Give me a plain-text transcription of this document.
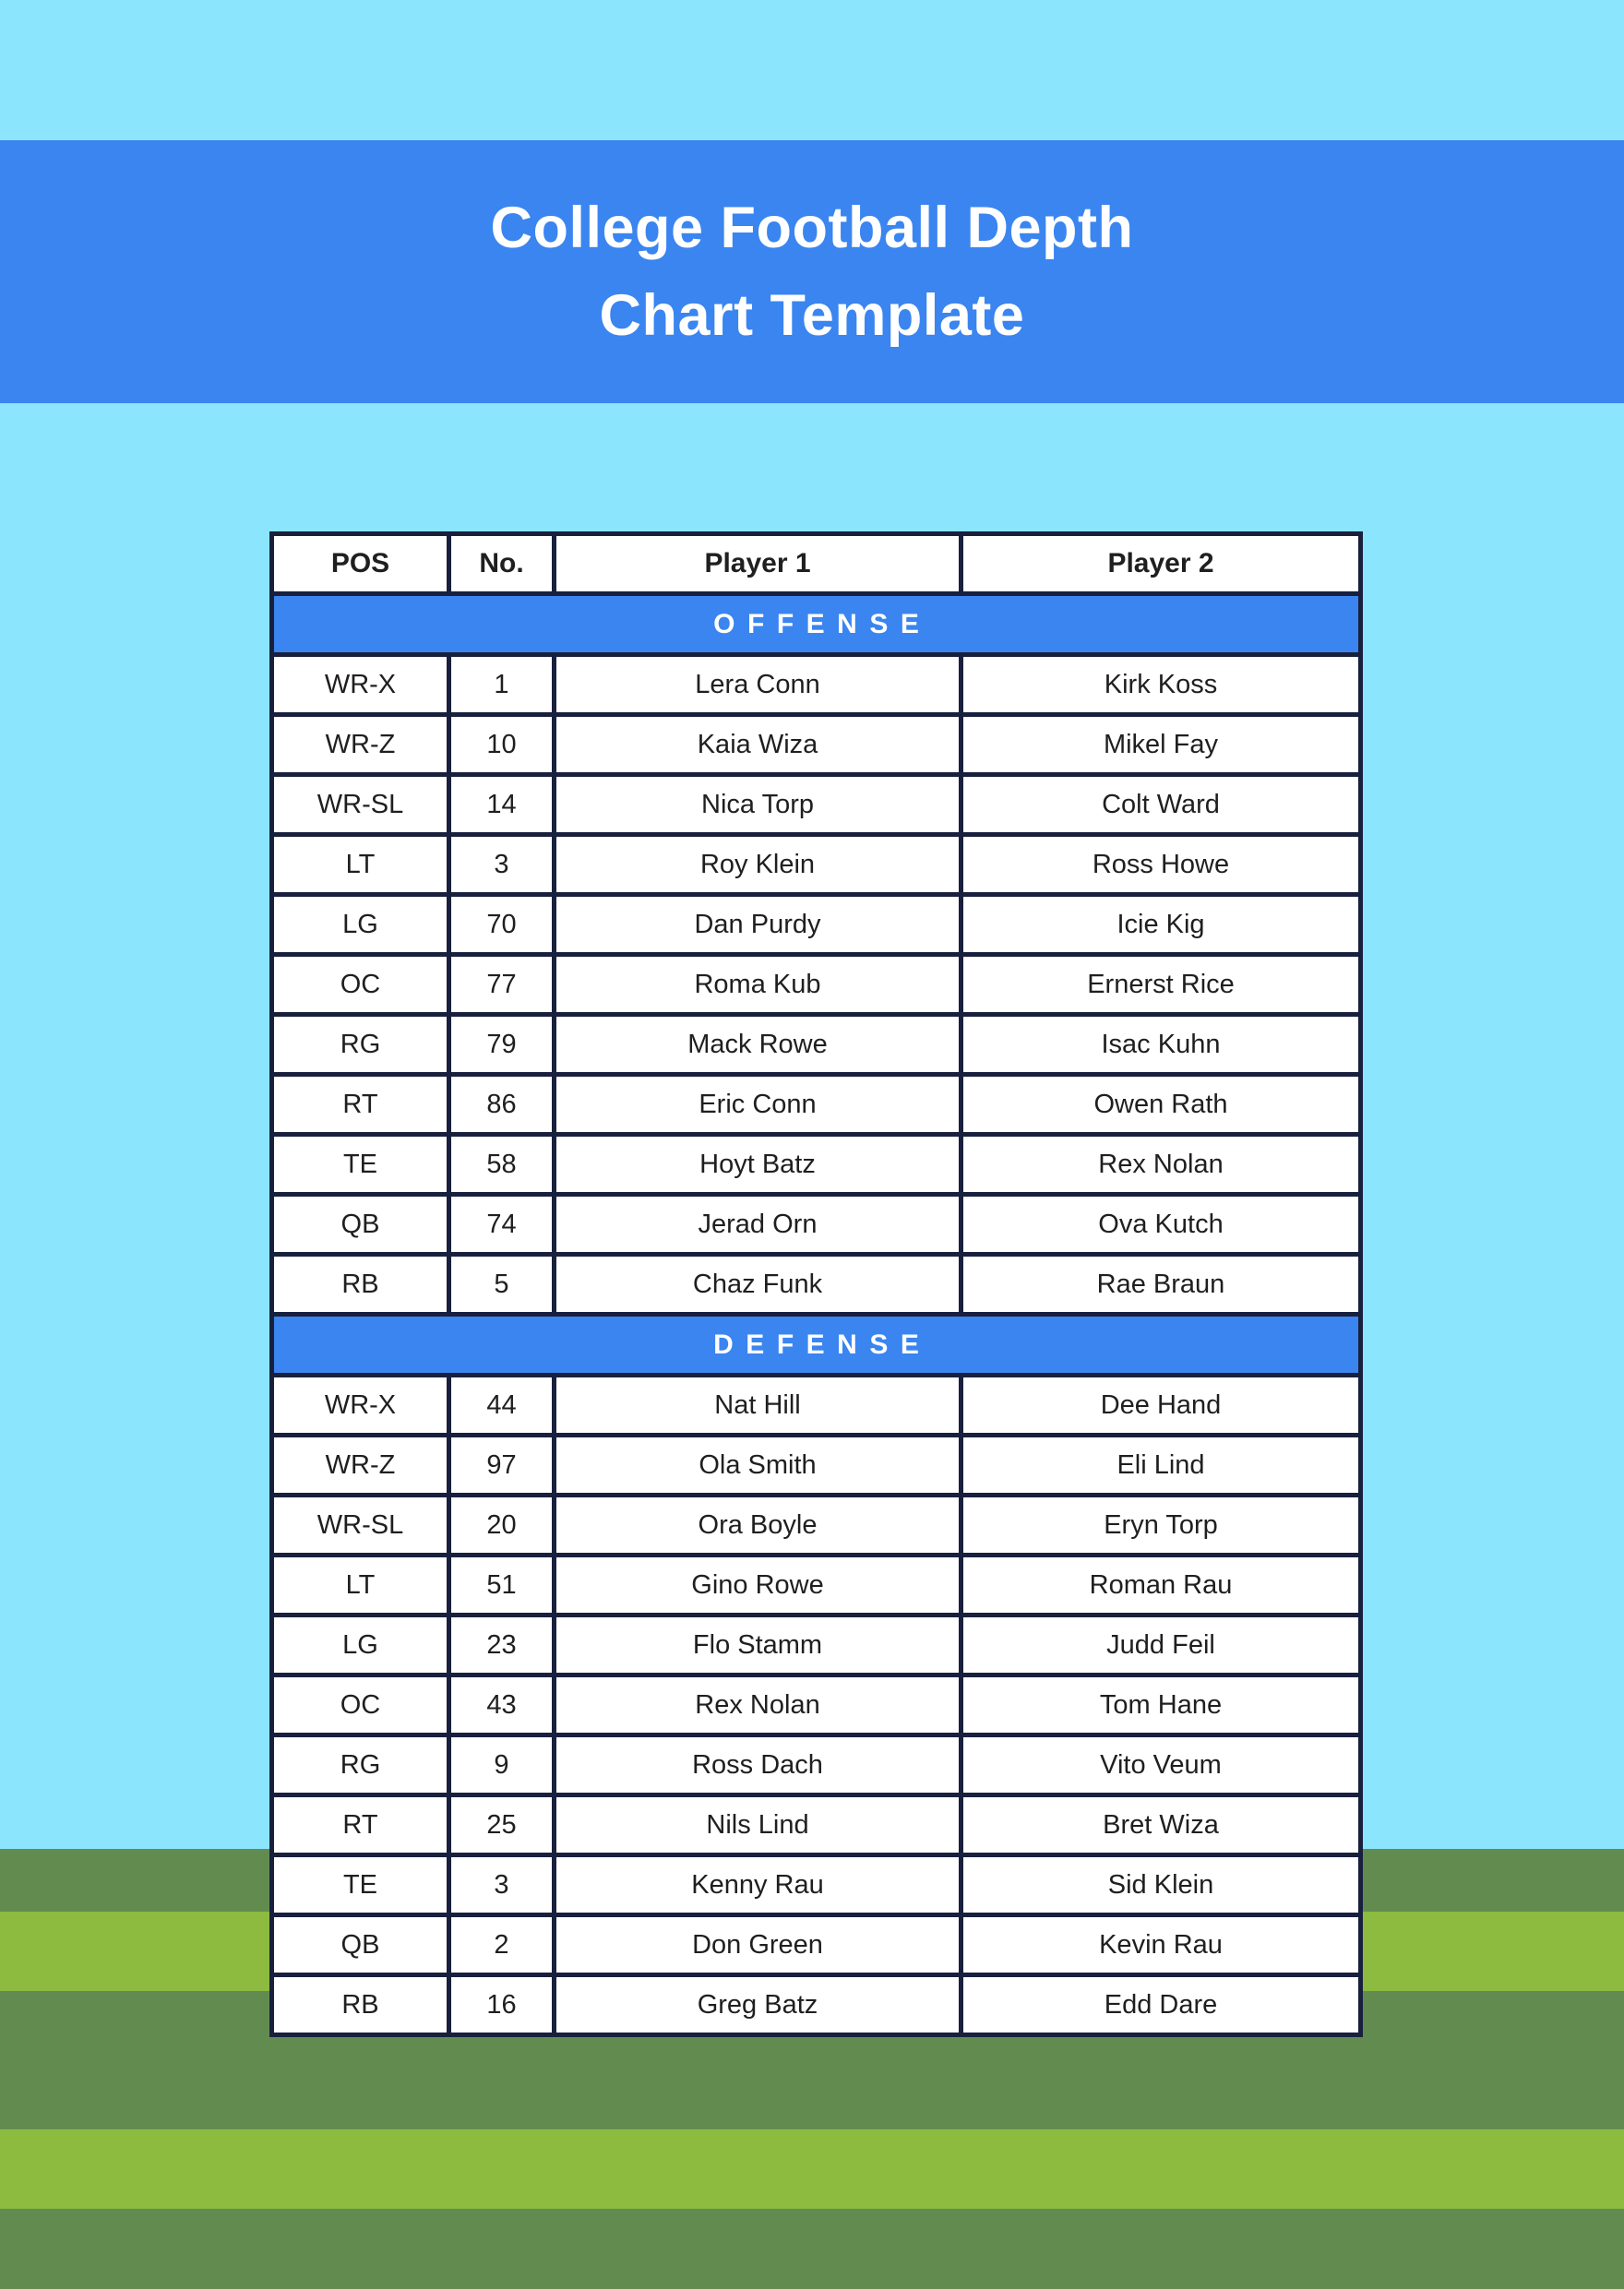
College Football Depth
Chart Template
POS	No.	Player 1	Player 2
OFFENSE			
WR-X	1	Lera Conn	Kirk Koss
WR-Z	10	Kaia Wiza	Mikel Fay
WR-SL	14	Nica Torp	Colt Ward
LT	3	Roy Klein	Ross Howe
LG	70	Dan Purdy	Icie Kig
OC	77	Roma Kub	Ernerst Rice
RG	79	Mack Rowe	Isac Kuhn
RT	86	Eric Conn	Owen Rath
TE	58	Hoyt Batz	Rex Nolan
QB	74	Jerad Orn	Ova Kutch
RB	5	Chaz Funk	Rae Braun
DEFENSE			
WR-X	44	Nat Hill	Dee Hand
WR-Z	97	Ola Smith	Eli Lind
WR-SL	20	Ora Boyle	Eryn Torp
LT	51	Gino Rowe	Roman Rau
LG	23	Flo Stamm	Judd Feil
OC	43	Rex Nolan	Tom Hane
RG	9	Ross Dach	Vito Veum
RT	25	Nils Lind	Bret Wiza
TE	3	Kenny Rau	Sid Klein
QB	2	Don Green	Kevin Rau
RB	16	Greg Batz	Edd Dare
